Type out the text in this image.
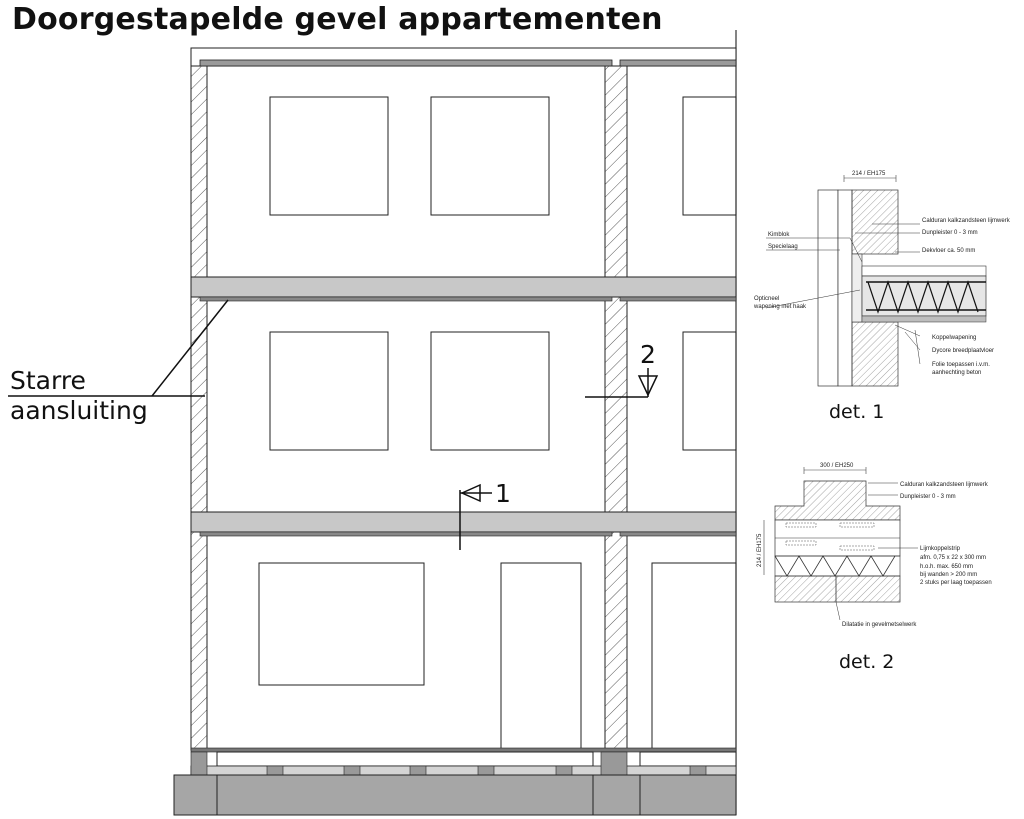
Doorgestapelde gevel appartementen
2
1
214 / EH175
Calduran kalkzandsteen lijmwerk
Dunpleister 0 - 3 mm
Kimblok
Specielaag
Dekvloer ca. 50 mm
Opticneel
wapening met haak
Koppelwapening
Dycore breedplaatvloer
Folie toepassen i.v.m.
aanhechting beton
300 / EH250
214 / EH175
Calduran kalkzandsteen lijmwerk
Dunpleister 0 - 3 mm
Lijmkoppelstrip
afm. 0,75 x 22 x 300 mm
h.o.h. max. 650 mm
bij wanden > 200 mm
2 stuks per laag toepassen
Dilatatie in gevelmetselwerk
Starre
aansluiting	det. 1
det. 2
